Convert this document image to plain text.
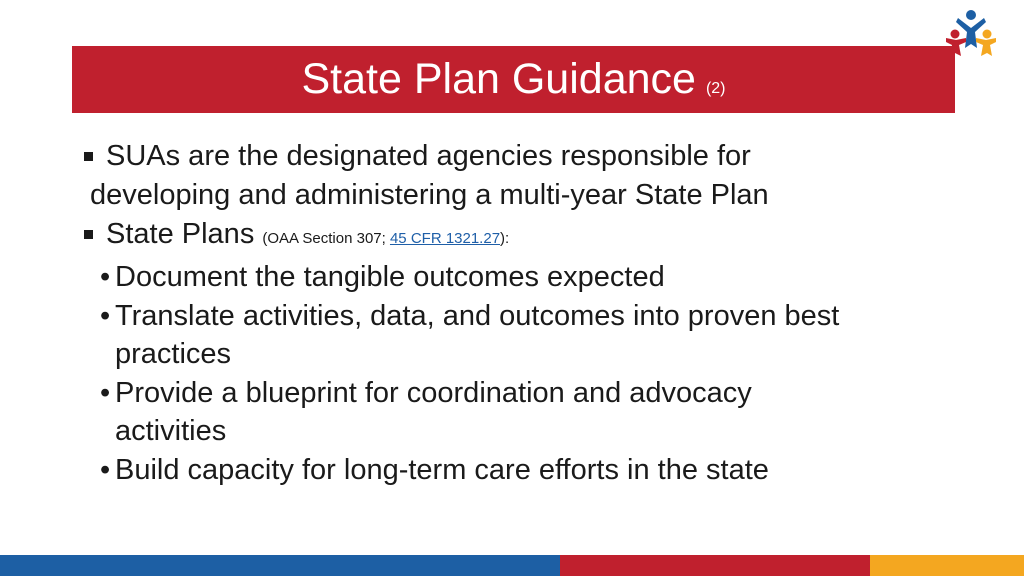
State Plan Guidance (2)
SUAs are the designated agencies responsible for
developing and administering a multi-year State Plan
State Plans (OAA Section 307; 45 CFR 1321.27):
• Document the tangible outcomes expected
• Translate activities, data, and outcomes into proven best
practices
• Provide a blueprint for coordination and advocacy
activities
• Build capacity for long-term care efforts in the state
